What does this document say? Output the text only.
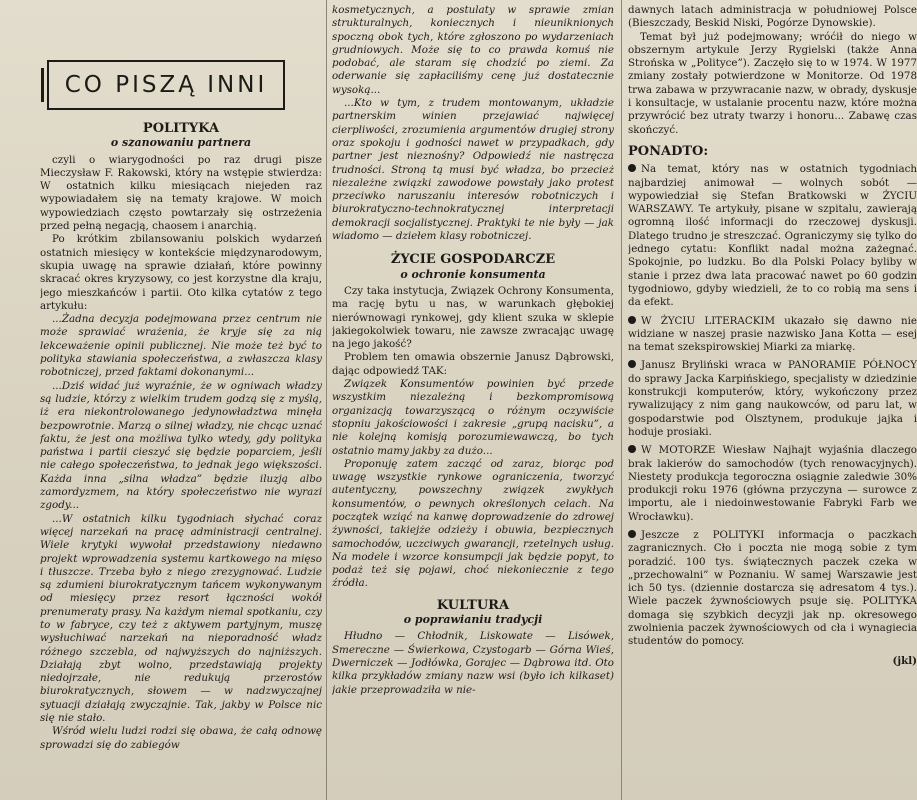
CO PISZĄ INNI
POLITYKA
o szanowaniu partnera

czyli o wiarygodności po raz drugi pisze Mieczysław F. Rakowski, który na wstępie stwierdza: W ostatnich kilku miesiącach niejeden raz wypowiadałem się na tematy krajowe. W moich wypowiedziach często powtarzały się ostrzeżenia przed pełną negacją, chaosem i anarchią.

Po krótkim zbilansowaniu polskich wydarzeń ostatnich miesięcy w kontekście międzynarodowym, skupia uwagę na sprawie działań, które powinny skracać okres kryzysowy, co jest korzystne dla kraju, jego mieszkańców i partii. Oto kilka cytatów z tego artykułu:

...Żadna decyzja podejmowana przez centrum nie może sprawiać wrażenia, że kryje się za nią lekceważenie opinii publicznej. Nie może też być to polityka stawiania społeczeństwa, a zwłaszcza klasy robotniczej, przed faktami dokonanymi...

...Dziś widać już wyraźnie, że w ogniwach władzy są ludzie, którzy z wielkim trudem godzą się z myślą, iż era niekontrolowanego jedynowładztwa minęła bezpowrotnie. Marzą o silnej władzy, nie chcąc uznać faktu, że jest ona możliwa tylko wtedy, gdy polityka państwa i partii cieszyć się będzie poparciem, jeśli nie całego społeczeństwa, to jednak jego większości. Każda inna „silna władza” będzie iluzją albo zamordyzmem, na który społeczeństwo nie wyrazi zgody...

...W ostatnich kilku tygodniach słychać coraz więcej narzekań na pracę administracji centralnej. Wiele krytyki wywołał przedstawiony niedawno projekt wprowadzenia systemu kartkowego na mięso i tłuszcze. Trzeba było z niego zrezygnować. Ludzie są zdumieni biurokratycznym tańcem wykonywanym od miesięcy przez resort łączności wokół prenumeraty prasy. Na każdym niemal spotkaniu, czy to w fabryce, czy też z aktywem partyjnym, muszę wysłuchiwać narzekań na nieporadność władz różnego szczebla, od najwyższych do najniższych. Działają zbyt wolno, przedstawiają projekty niedojrzałe, nie redukują przerostów biurokratycznych, słowem — w nadzwyczajnej sytuacji działają zwyczajnie. Tak, jakby w Polsce nic się nie stało.

Wśród wielu ludzi rodzi się obawa, że całą odnowę sprowadzi się do zabiegów

kosmetycznych, a postulaty w sprawie zmian strukturalnych, koniecznych i nieuniknionych spoczną obok tych, które zgłoszono po wydarzeniach grudniowych. Może się to co prawda komuś nie podobać, ale staram się chodzić po ziemi. Za oderwanie się zapłaciliśmy cenę już dostatecznie wysoką...

...Kto w tym, z trudem montowanym, układzie partnerskim winien przejawiać najwięcej cierpliwości, zrozumienia argumentów drugiej strony oraz spokoju i godności nawet w przypadkach, gdy partner jest nieznośny? Odpowiedź nie nastręcza trudności. Stroną tą musi być władza, bo przecież niezależne związki zawodowe powstały jako protest przeciwko naruszaniu interesów robotniczych i biurokratyczno-technokratycznej interpretacji demokracji socjalistycznej. Praktyki te nie były — jak wiadomo — dziełem klasy robotniczej.

ŻYCIE GOSPODARCZE
o ochronie konsumenta

Czy taka instytucja, Związek Ochrony Konsumenta, ma rację bytu u nas, w warunkach głębokiej nierównowagi rynkowej, gdy klient szuka w sklepie jakiegokolwiek towaru, nie zawsze zwracając uwagę na jego jakość?

Problem ten omawia obszernie Janusz Dąbrowski, dając odpowiedź TAK:

Związek Konsumentów powinien być przede wszystkim niezależną i bezkompromisową organizacją towarzyszącą o różnym oczywiście stopniu jakościowości i zakresie „grupą nacisku”, a nie kolejną komisją porozumiewawczą, bo tych ostatnio mamy jakby za dużo...

Proponuję zatem zacząć od zaraz, biorąc pod uwagę wszystkie rynkowe ograniczenia, tworzyć autentyczny, powszechny związek zwykłych konsumentów, o pewnych określonych celach. Na początek wziąć na kanwę doprowadzenie do zdrowej żywności, takiejże odzieży i obuwia, bezpiecznych samochodów, uczciwych gwarancji, rzetelnych usług. Na modele i wzorce konsumpcji jak będzie popyt, to podaż też się pojawi, choć niekoniecznie z tego źródła.

KULTURA
o poprawianiu tradycji

Hłudno — Chłodnik, Liskowate — Lisówek, Smereczne — Świerkowa, Czystogarb — Górna Wieś, Dwerniczek — Jodłówka, Gorajec — Dąbrowa itd. Oto kilka przykładów zmiany nazw wsi (było ich kilkaset) jakie przeprowadziła w nie-

dawnych latach administracja w południowej Polsce (Bieszczady, Beskid Niski, Pogórze Dynowskie).

Temat był już podejmowany; wróćił do niego w obszernym artykule Jerzy Rygielski (także Anna Strońska w „Polityce”). Zaczęło się to w 1974. W 1977 zmiany zostały potwierdzone w Monitorze. Od 1978 trwa zabawa w przywracanie nazw, w obrady, dyskusje i konsultacje, w ustalanie procentu nazw, które można przywrócić bez utraty twarzy i honoru... Zabawę czas skończyć.

PONADTO:

Na temat, który nas w ostatnich tygodniach najbardziej animował — wolnych sobót — wypowiedział się Stefan Bratkowski w ŻYCIU WARSZAWY. Te artykuły, pisane w szpitalu, zawierają ogromną ilość informacji do rzeczowej dyskusji. Dlatego trudno je streszczać. Ograniczymy się tylko do jednego cytatu: Konflikt nadal można zażegnać. Spokojnie, po ludzku. Bo dla Polski Polacy byliby w stanie i przez dwa lata pracować nawet po 60 godzin tygodniowo, gdyby wiedzieli, że to co robią ma sens i da efekt.

W ŻYCIU LITERACKIM ukazało się dawno nie widziane w naszej prasie nazwisko Jana Kotta — esej na temat szekspirowskiej Miarki za miarkę.

Janusz Bryliński wraca w PANORAMIE PÓŁNOCY do sprawy Jacka Karpińskiego, specjalisty w dziedzinie konstrukcji komputerów, który, wykończony przez rywalizujący z nim gang naukowców, od paru lat, w gospodarstwie pod Olsztynem, produkuje jajka i hoduje prosiaki.

W MOTORZE Wiesław Najhajt wyjaśnia dlaczego brak lakierów do samochodów (tych renowacyjnych). Niestety produkcja tegoroczna osiągnie zaledwie 30% produkcji roku 1976 (główna przyczyna — surowce z importu, ale i niedoinwestowanie Fabryki Farb we Wrocławku).

Jeszcze z POLITYKI informacja o paczkach zagranicznych. Cło i poczta nie mogą sobie z tym poradzić. 100 tys. świątecznych paczek czeka w „przechowalni” w Poznaniu. W samej Warszawie jest ich 50 tys. (dziennie dostarcza się adresatom 4 tys.). Wiele paczek żywnościowych psuje się. POLITYKA domaga się szybkich decyzji jak np. okresowego zwolnienia paczek żywnościowych od cła i wynagiecia studentów do pomocy.

(jkl)
